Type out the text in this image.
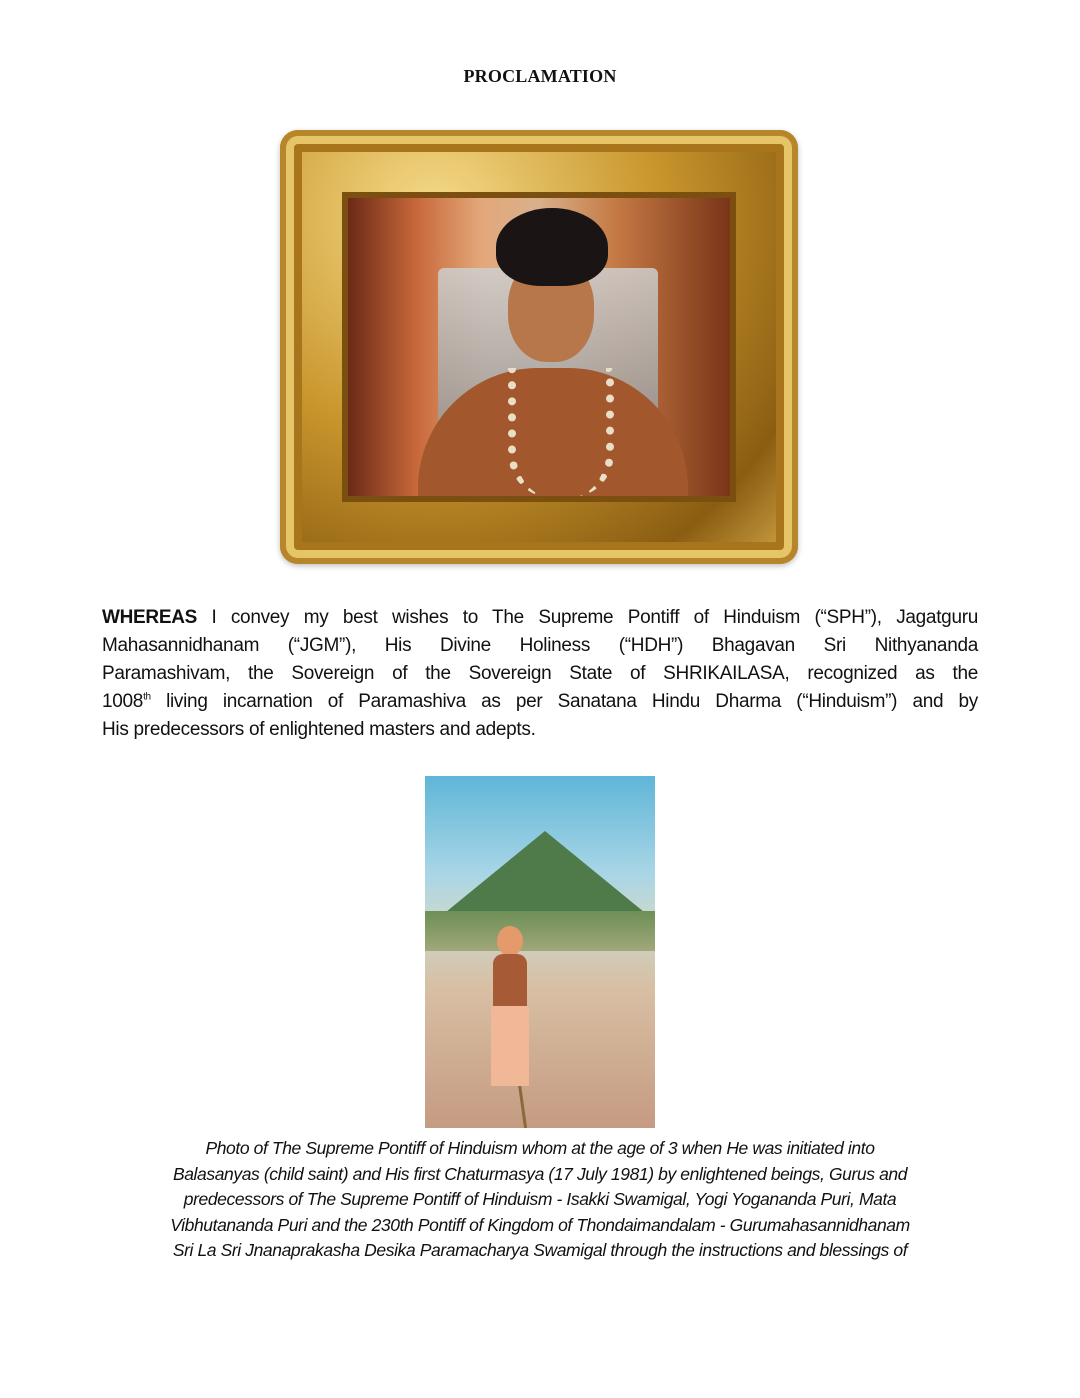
PROCLAMATION
WHEREAS I convey my best wishes to The Supreme Pontiff of Hinduism (“SPH”), Jagatguru
Mahasannidhanam (“JGM”), His Divine Holiness (“HDH”) Bhagavan Sri Nithyananda
Paramashivam, the Sovereign of the Sovereign State of SHRIKAILASA, recognized as the
1008th living incarnation of Paramashiva as per Sanatana Hindu Dharma (“Hinduism”) and by
His predecessors of enlightened masters and adepts.
Photo of The Supreme Pontiff of Hinduism whom at the age of 3 when He was initiated into
Balasanyas (child saint) and His first Chaturmasya (17 July 1981) by enlightened beings, Gurus and
predecessors of The Supreme Pontiff of Hinduism - Isakki Swamigal, Yogi Yogananda Puri, Mata
Vibhutananda Puri and the 230th Pontiff of Kingdom of Thondaimandalam - Gurumahasannidhanam
Sri La Sri Jnanaprakasha Desika Paramacharya Swamigal through the instructions and blessings of
